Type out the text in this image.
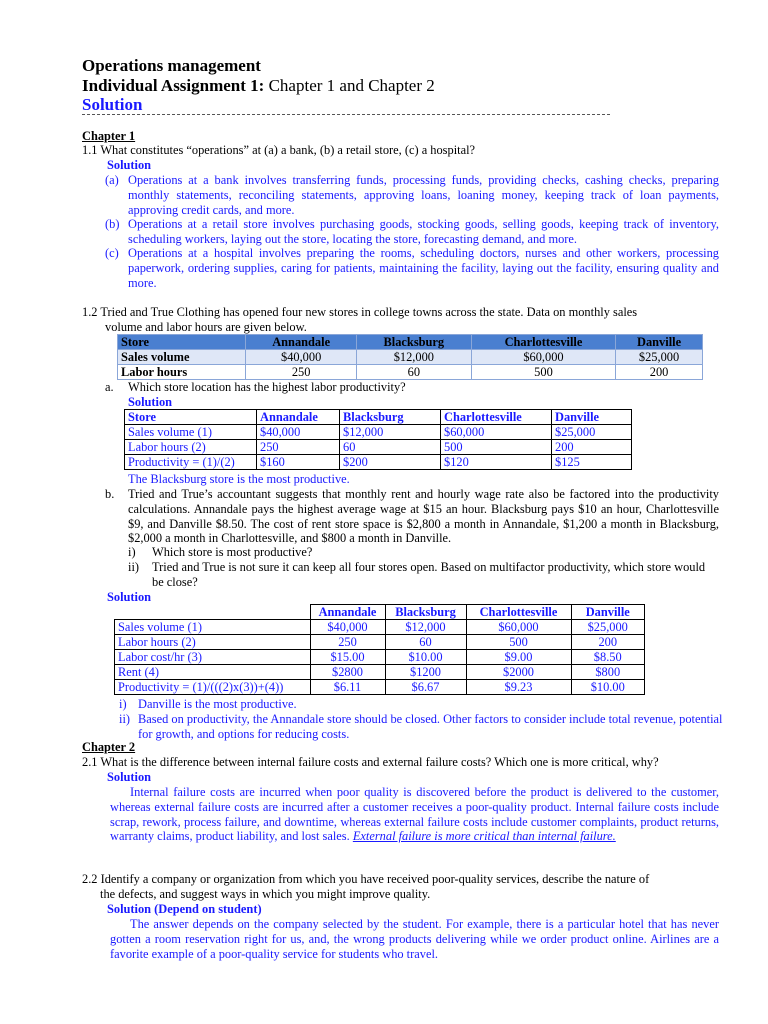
Operations management
Individual Assignment 1: Chapter 1 and Chapter 2
Solution
Chapter 1
1.1 What constitutes “operations” at (a) a bank, (b) a retail store, (c) a hospital?
Solution
(a) Operations at a bank involves transferring funds, processing funds, providing checks, cashing checks, preparing monthly statements, reconciling statements, approving loans, loaning money, keeping track of loan payments, approving credit cards, and more.
(b) Operations at a retail store involves purchasing goods, stocking goods, selling goods, keeping track of inventory, scheduling workers, laying out the store, locating the store, forecasting demand, and more.
(c) Operations at a hospital involves preparing the rooms, scheduling doctors, nurses and other workers, processing paperwork, ordering supplies, caring for patients, maintaining the facility, laying out the facility, ensuring quality and more.
1.2 Tried and True Clothing has opened four new stores in college towns across the state. Data on monthly sales
volume and labor hours are given below.
Store	Annandale	Blacksburg	Charlottesville	Danville
Sales volume	$40,000	$12,000	$60,000	$25,000
Labor hours	250	60	500	200
a. Which store location has the highest labor productivity?
Solution
Store	Annandale	Blacksburg	Charlottesville	Danville
Sales volume (1)	$40,000	$12,000	$60,000	$25,000
Labor hours (2)	250	60	500	200
Productivity = (1)/(2)	$160	$200	$120	$125
The Blacksburg store is the most productive.
b. Tried and True’s accountant suggests that monthly rent and hourly wage rate also be factored into the productivity calculations. Annandale pays the highest average wage at $15 an hour. Blacksburg pays $10 an hour, Charlottesville $9, and Danville $8.50. The cost of rent store space is $2,800 a month in Annandale, $1,200 a month in Blacksburg, $2,000 a month in Charlottesville, and $800 a month in Danville.
i) Which store is most productive?
ii) Tried and True is not sure it can keep all four stores open. Based on multifactor productivity, which store would be close?
Solution
	Annandale	Blacksburg	Charlottesville	Danville
Sales volume (1)	$40,000	$12,000	$60,000	$25,000
Labor hours (2)	250	60	500	200
Labor cost/hr (3)	$15.00	$10.00	$9.00	$8.50
Rent (4)	$2800	$1200	$2000	$800
Productivity = (1)/(((2)x(3))+(4))	$6.11	$6.67	$9.23	$10.00
i) Danville is the most productive.
ii) Based on productivity, the Annandale store should be closed. Other factors to consider include total revenue, potential for growth, and options for reducing costs.
Chapter 2
2.1 What is the difference between internal failure costs and external failure costs? Which one is more critical, why?
Solution
Internal failure costs are incurred when poor quality is discovered before the product is delivered to the customer, whereas external failure costs are incurred after a customer receives a poor-quality product. Internal failure costs include scrap, rework, process failure, and downtime, whereas external failure costs include customer complaints, product returns, warranty claims, product liability, and lost sales. External failure is more critical than internal failure.
2.2 Identify a company or organization from which you have received poor-quality services, describe the nature of
the defects, and suggest ways in which you might improve quality.
Solution (Depend on student)
The answer depends on the company selected by the student. For example, there is a particular hotel that has never gotten a room reservation right for us, and, the wrong products delivering while we order product online. Airlines are a favorite example of a poor-quality service for students who travel.
